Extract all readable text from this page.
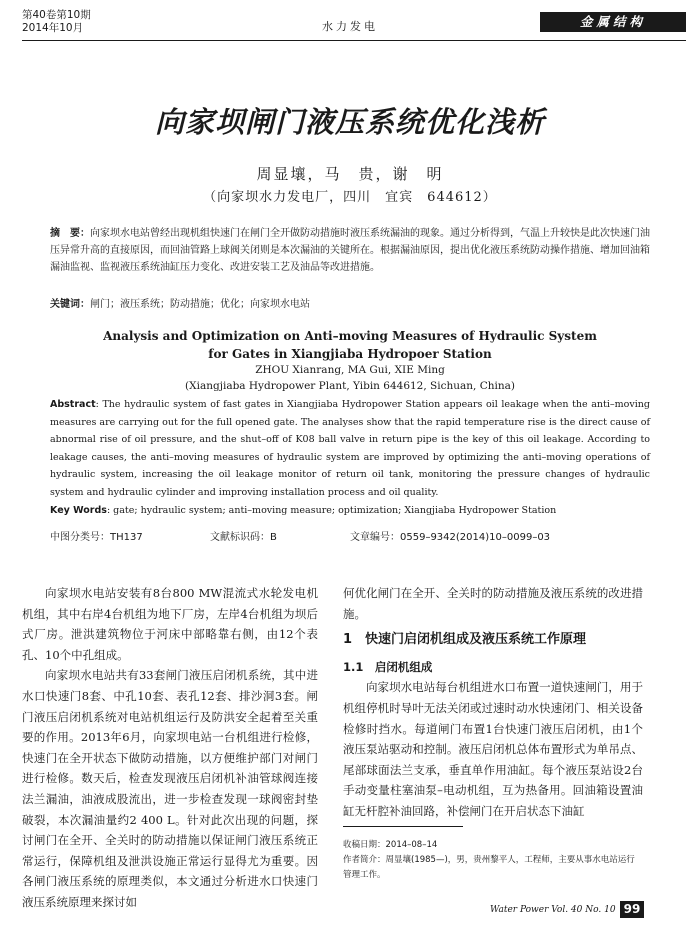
第40卷第10期
2014年10月	水力发电	金属结构
向家坝闸门液压系统优化浅析
周显壤，马　贵，谢　明
（向家坝水力发电厂，四川　宜宾　644612）
摘　要：向家坝水电站曾经出现机组快速门在闸门全开做防动措施时液压系统漏油的现象。通过分析得到，气温上升较快是此次快速门油压异常升高的直接原因，而回油管路上球阀关闭则是本次漏油的关键所在。根据漏油原因，提出优化液压系统防动操作措施、增加回油箱漏油监视、监视液压系统油缸压力变化、改进安装工艺及油品等改进措施。
关键词：闸门；液压系统；防动措施；优化；向家坝水电站
Analysis and Optimization on Anti–moving Measures of Hydraulic System
for Gates in Xiangjiaba Hydropoer Station
ZHOU Xianrang, MA Gui, XIE Ming
(Xiangjiaba Hydropower Plant, Yibin 644612, Sichuan, China)
Abstract: The hydraulic system of fast gates in Xiangjiaba Hydropower Station appears oil leakage when the anti–moving measures are carrying out for the full opened gate. The analyses show that the rapid temperature rise is the direct cause of abnormal rise of oil pressure, and the shut–off of K08 ball valve in return pipe is the key of this oil leakage. According to leakage causes, the anti–moving measures of hydraulic system are improved by optimizing the anti–moving operations of hydraulic system, increasing the oil leakage monitor of return oil tank, monitoring the pressure changes of hydraulic system and hydraulic cylinder and improving installation process and oil quality.
Key Words: gate; hydraulic system; anti–moving measure; optimization; Xiangjiaba Hydropower Station
中图分类号：TH137	文献标识码：B	文章编号：0559–9342(2014)10–0099–03

向家坝水电站安装有8台800 MW混流式水轮发电机机组，其中右岸4台机组为地下厂房，左岸4台机组为坝后式厂房。泄洪建筑物位于河床中部略靠右侧，由12个表孔、10个中孔组成。

向家坝水电站共有33套闸门液压启闭机系统，其中进水口快速门8套、中孔10套、表孔12套、排沙洞3套。闸门液压启闭机系统对电站机组运行及防洪安全起着至关重要的作用。2013年6月，向家坝电站一台机组进行检修，快速门在全开状态下做防动措施，以方便维护部门对闸门进行检修。数天后，检查发现液压启闭机补油管球阀连接法兰漏油，油液成股流出，进一步检查发现一球阀密封垫破裂，本次漏油量约2 400 L。针对此次出现的问题，探讨闸门在全开、全关时的防动措施以保证闸门液压系统正常运行，保障机组及泄洪设施正常运行显得尤为重要。因各闸门液压系统的原理类似，本文通过分析进水口快速门液压系统原理来探讨如

何优化闸门在全开、全关时的防动措施及液压系统的改进措施。

1　快速门启闭机组成及液压系统工作原理

1.1　启闭机组成

向家坝水电站每台机组进水口布置一道快速闸门，用于机组停机时导叶无法关闭或过速时动水快速闭门、相关设备检修时挡水。每道闸门布置1台快速门液压启闭机，由1个液压泵站驱动和控制。液压启闭机总体布置形式为单吊点、尾部球面法兰支承，垂直单作用油缸。每个液压泵站设2台手动变量柱塞油泵–电动机组，互为热备用。回油箱设置油缸无杆腔补油回路，补偿闸门在开启状态下油缸

收稿日期：2014–08–14
作者简介：周显壤(1985—)，男，贵州黎平人，工程师，主要从事水电站运行管理工作。
Water Power Vol. 40 No. 10 99
